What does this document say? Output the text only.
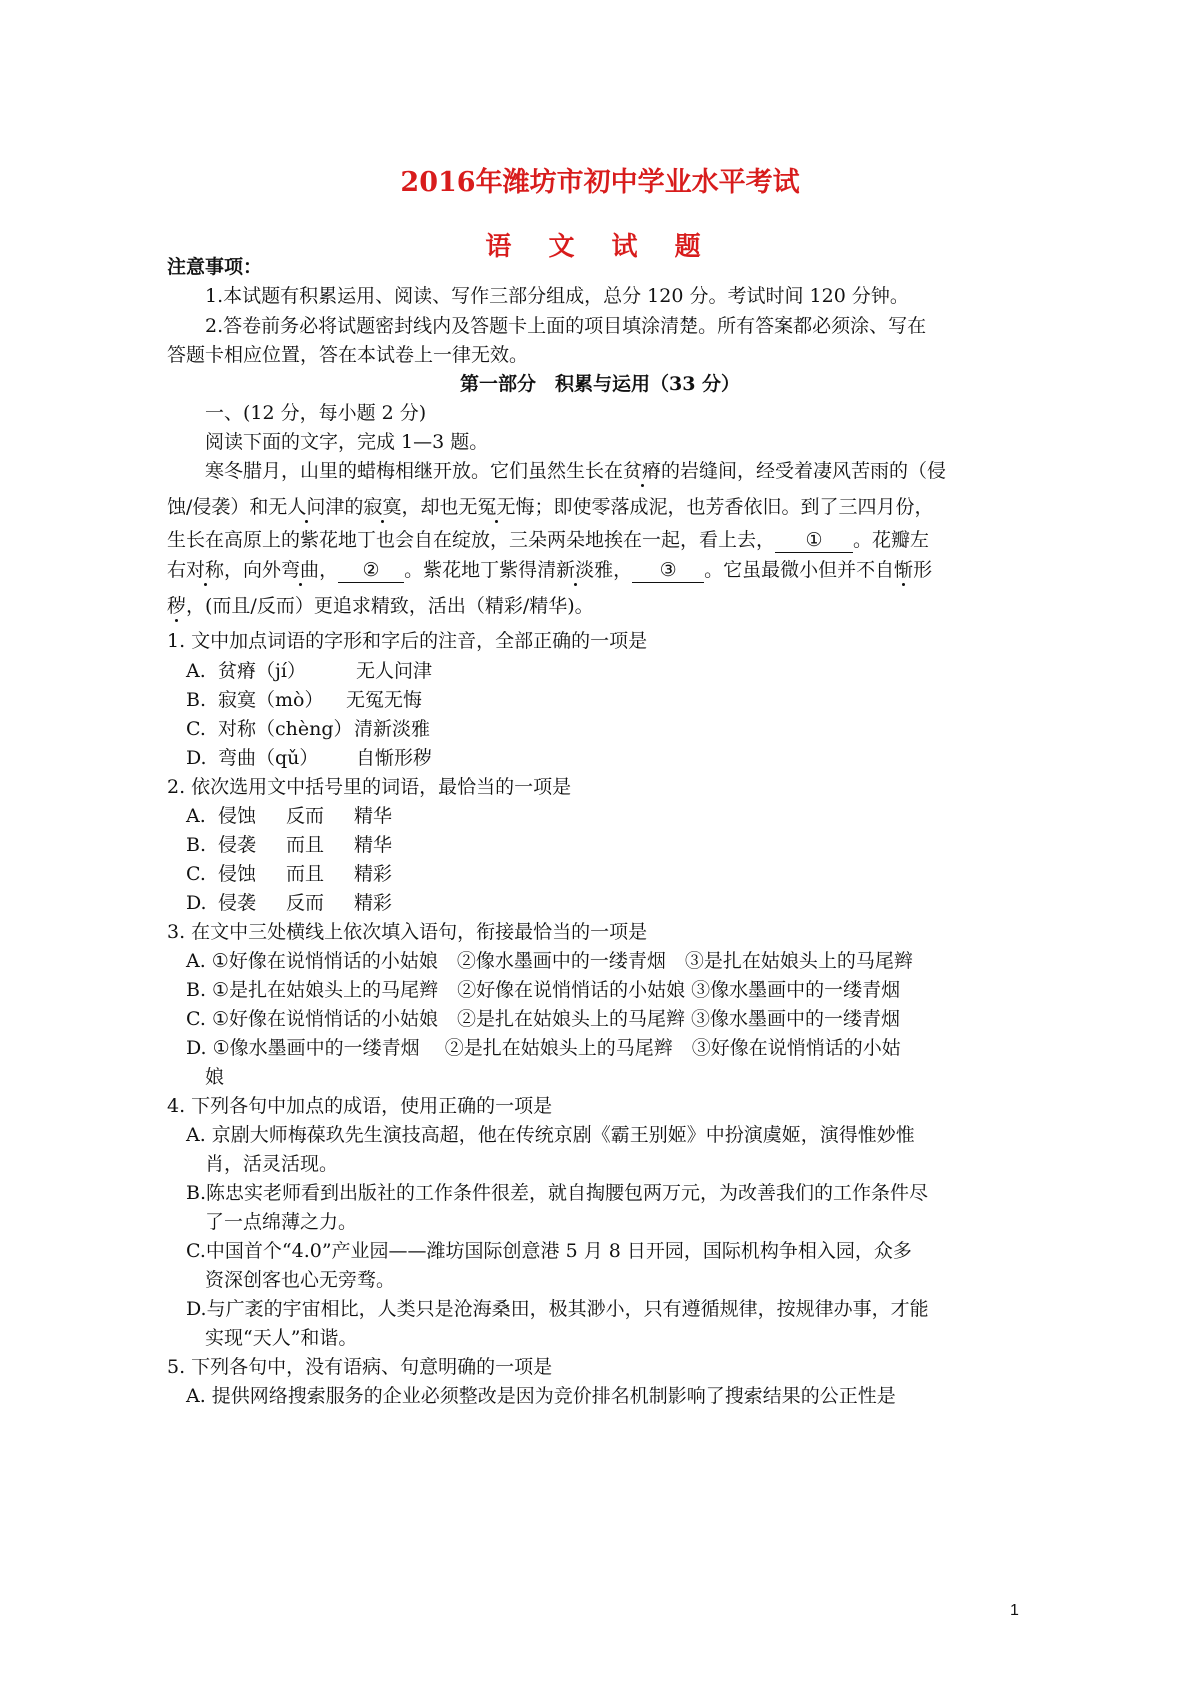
2016年潍坊市初中学业水平考试
语 文 试 题
注意事项：
1.本试题有积累运用、阅读、写作三部分组成，总分 120 分。考试时间 120 分钟。
2.答卷前务必将试题密封线内及答题卡上面的项目填涂清楚。所有答案都必须涂、写在
答题卡相应位置，答在本试卷上一律无效。
第一部分　积累与运用（33 分）
一、(12 分，每小题 2 分)
阅读下面的文字，完成 1—3 题。
寒冬腊月，山里的蜡梅相继开放。它们虽然生长在贫瘠的岩缝间，经受着凄风苦雨的（侵
蚀/侵袭）和无人问津的寂寞，却也无冤无悔；即使零落成泥，也芳香依旧。到了三四月份，
生长在高原上的紫花地丁也会自在绽放，三朵两朵地挨在一起，看上去， ① 。花瓣左
右对称，向外弯曲， ② 。紫花地丁紫得清新淡雅， ③ 。它虽最微小但并不自惭形
秽，(而且/反而）更追求精致，活出（精彩/精华)。
1. 文中加点词语的字形和字后的注音，全部正确的一项是
A. 贫瘠（jí）	无人问津
B. 寂寞（mò） 无冤无悔
C. 对称（chèng）清新淡雅
D. 弯曲（qǔ） 自惭形秽
2. 依次选用文中括号里的词语，最恰当的一项是
A. 侵蚀 反而 精华
B. 侵袭 而且 精华
C. 侵蚀 而且 精彩
D. 侵袭 反而 精彩
3. 在文中三处横线上依次填入语句，衔接最恰当的一项是
A. ①好像在说悄悄话的小姑娘　②像水墨画中的一缕青烟　③是扎在姑娘头上的马尾辫
B. ①是扎在姑娘头上的马尾辫　②好像在说悄悄话的小姑娘 ③像水墨画中的一缕青烟
C. ①好像在说悄悄话的小姑娘　②是扎在姑娘头上的马尾辫 ③像水墨画中的一缕青烟
D. ①像水墨画中的一缕青烟　 ②是扎在姑娘头上的马尾辫　③好像在说悄悄话的小姑
娘
4. 下列各句中加点的成语，使用正确的一项是
A. 京剧大师梅葆玖先生演技高超，他在传统京剧《霸王别姬》中扮演虞姬，演得惟妙惟
肖，活灵活现。
B.陈忠实老师看到出版社的工作条件很差，就自掏腰包两万元，为改善我们的工作条件尽
了一点绵薄之力。
C.中国首个“4.0”产业园——潍坊国际创意港 5 月 8 日开园，国际机构争相入园，众多
资深创客也心无旁骛。
D.与广袤的宇宙相比，人类只是沧海桑田，极其渺小，只有遵循规律，按规律办事，才能
实现“天人”和谐。
5. 下列各句中，没有语病、句意明确的一项是
A. 提供网络搜索服务的企业必须整改是因为竞价排名机制影响了搜索结果的公正性是
1
